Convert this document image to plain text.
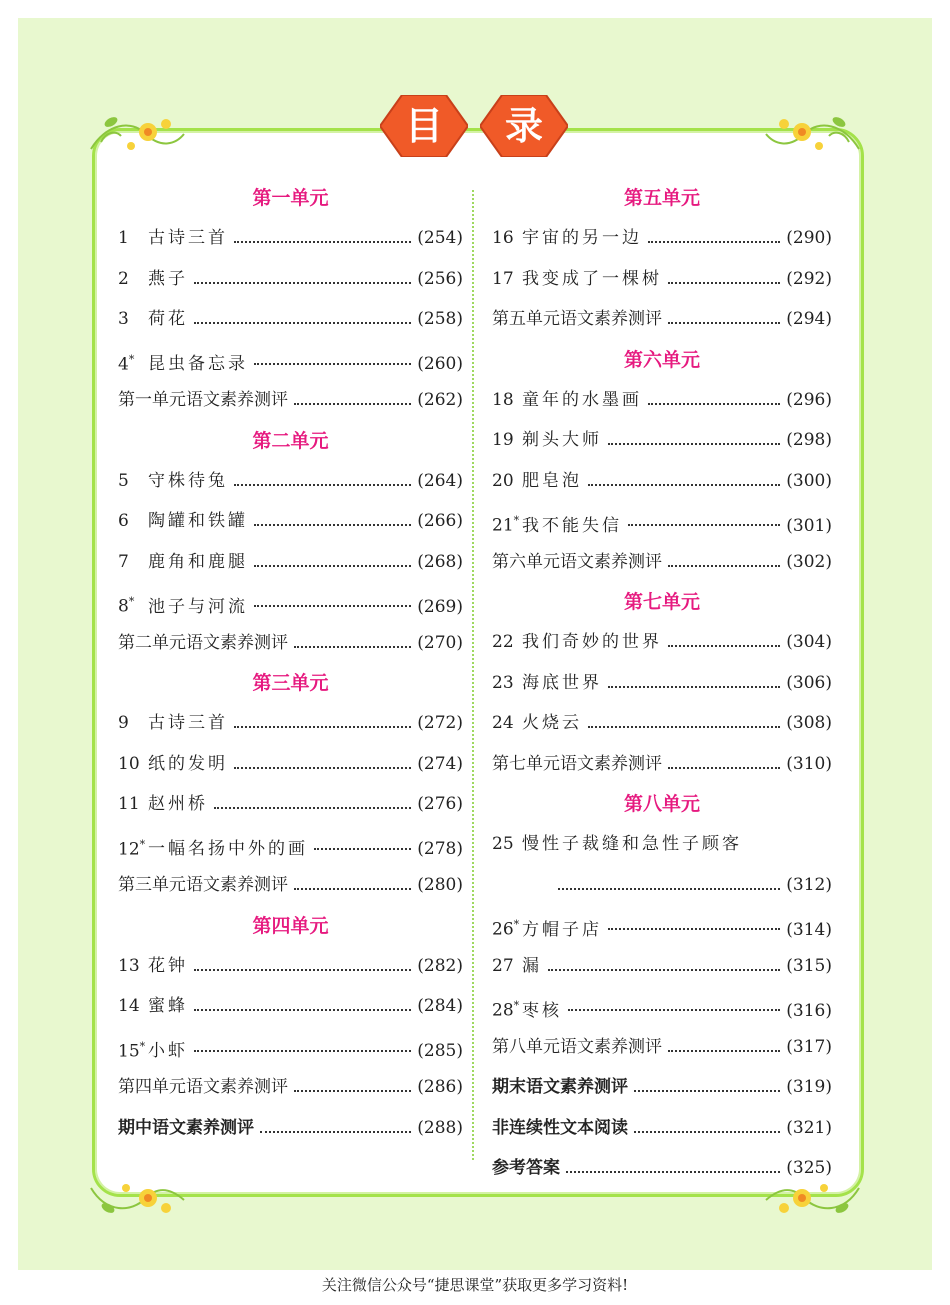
目	录
第一单元
1	古诗三首	(254)
2	燕子	(256)
3	荷花	(258)
4* 昆虫备忘录	(260)
第一单元语文素养测评	(262)
第二单元
5	守株待兔	(264)
6	陶罐和铁罐	(266)
7	鹿角和鹿腿	(268)
8* 池子与河流	(269)
第二单元语文素养测评	(270)
第三单元
9	古诗三首	(272)
10 纸的发明	(274)
11 赵州桥	(276)
12* 一幅名扬中外的画	(278)
第三单元语文素养测评	(280)
第四单元
13 花钟	(282)
14 蜜蜂	(284)
15* 小虾	(285)
第四单元语文素养测评	(286)
期中语文素养测评	(288)
第五单元
16 宇宙的另一边	(290)
17 我变成了一棵树	(292)
第五单元语文素养测评	(294)
第六单元
18 童年的水墨画	(296)
19 剃头大师	(298)
20 肥皂泡	(300)
21* 我不能失信	(301)
第六单元语文素养测评	(302)
第七单元
22 我们奇妙的世界	(304)
23 海底世界	(306)
24 火烧云	(308)
第七单元语文素养测评	(310)
第八单元
25 慢性子裁缝和急性子顾客
(312)
26* 方帽子店	(314)
27 漏	(315)
28* 枣核	(316)
第八单元语文素养测评	(317)
期末语文素养测评	(319)
非连续性文本阅读	(321)
参考答案	(325)
关注微信公众号“捷思课堂”获取更多学习资料!
